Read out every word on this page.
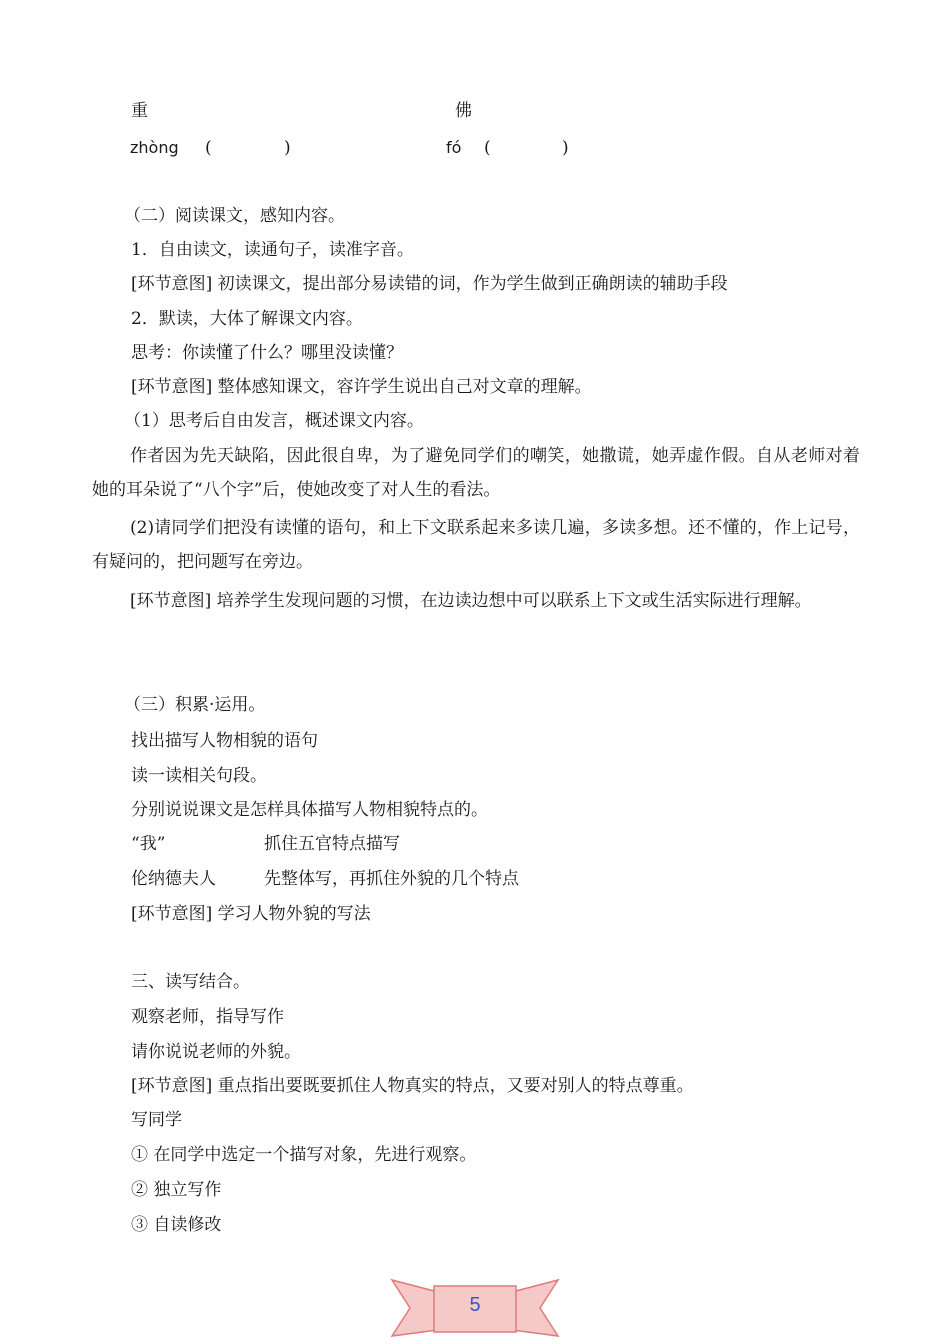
重	佛
zhòng (	)	fó (	)
（二）阅读课文，感知内容。
1．自由读文，读通句子，读准字音。
[环节意图] 初读课文，提出部分易读错的词，作为学生做到正确朗读的辅助手段
2．默读，大体了解课文内容。
思考：你读懂了什么？哪里没读懂？
[环节意图] 整体感知课文，容许学生说出自己对文章的理解。
（1）思考后自由发言，概述课文内容。
作者因为先天缺陷，因此很自卑，为了避免同学们的嘲笑，她撒谎，她弄虚作假。自从老师对着她的耳朵说了“八个字”后，使她改变了对人生的看法。
(2)请同学们把没有读懂的语句，和上下文联系起来多读几遍，多读多想。还不懂的，作上记号，有疑问的，把问题写在旁边。
[环节意图] 培养学生发现问题的习惯，在边读边想中可以联系上下文或生活实际进行理解。
（三）积累·运用。
找出描写人物相貌的语句
读一读相关句段。
分别说说课文是怎样具体描写人物相貌特点的。
“我”	抓住五官特点描写
伦纳德夫人	先整体写，再抓住外貌的几个特点
[环节意图] 学习人物外貌的写法
三、读写结合。
观察老师，指导写作
请你说说老师的外貌。
[环节意图] 重点指出要既要抓住人物真实的特点，又要对别人的特点尊重。
写同学
① 在同学中选定一个描写对象，先进行观察。
② 独立写作
③ 自读修改
5
